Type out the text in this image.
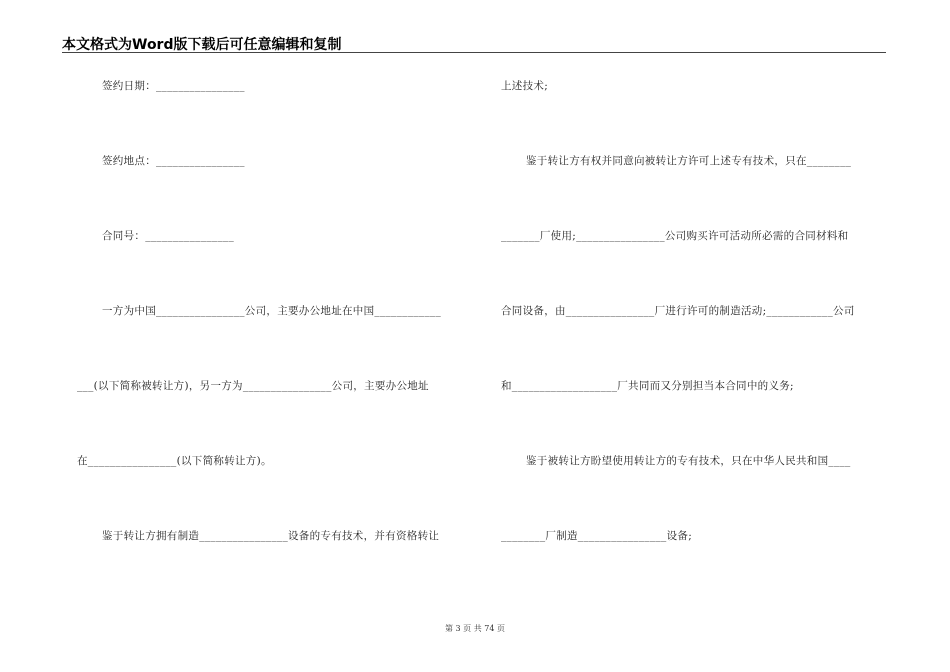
本文格式为Word版下载后可任意编辑和复制
签约日期：________________
签约地点：________________
合同号：________________
一方为中国________________公司，主要办公地址在中国____________
___(以下简称被转让方)，另一方为________________公司，主要办公地址
在________________(以下简称转让方)。
鉴于转让方拥有制造________________设备的专有技术，并有资格转让
上述技术;
鉴于转让方有权并同意向被转让方许可上述专有技术，只在________
_______厂使用;________________公司购买许可活动所必需的合同材料和
合同设备，由________________厂进行许可的制造活动;____________公司
和___________________厂共同而又分别担当本合同中的义务;
鉴于被转让方盼望使用转让方的专有技术，只在中华人民共和国____
________厂制造________________设备;
第 3 页 共 74 页
